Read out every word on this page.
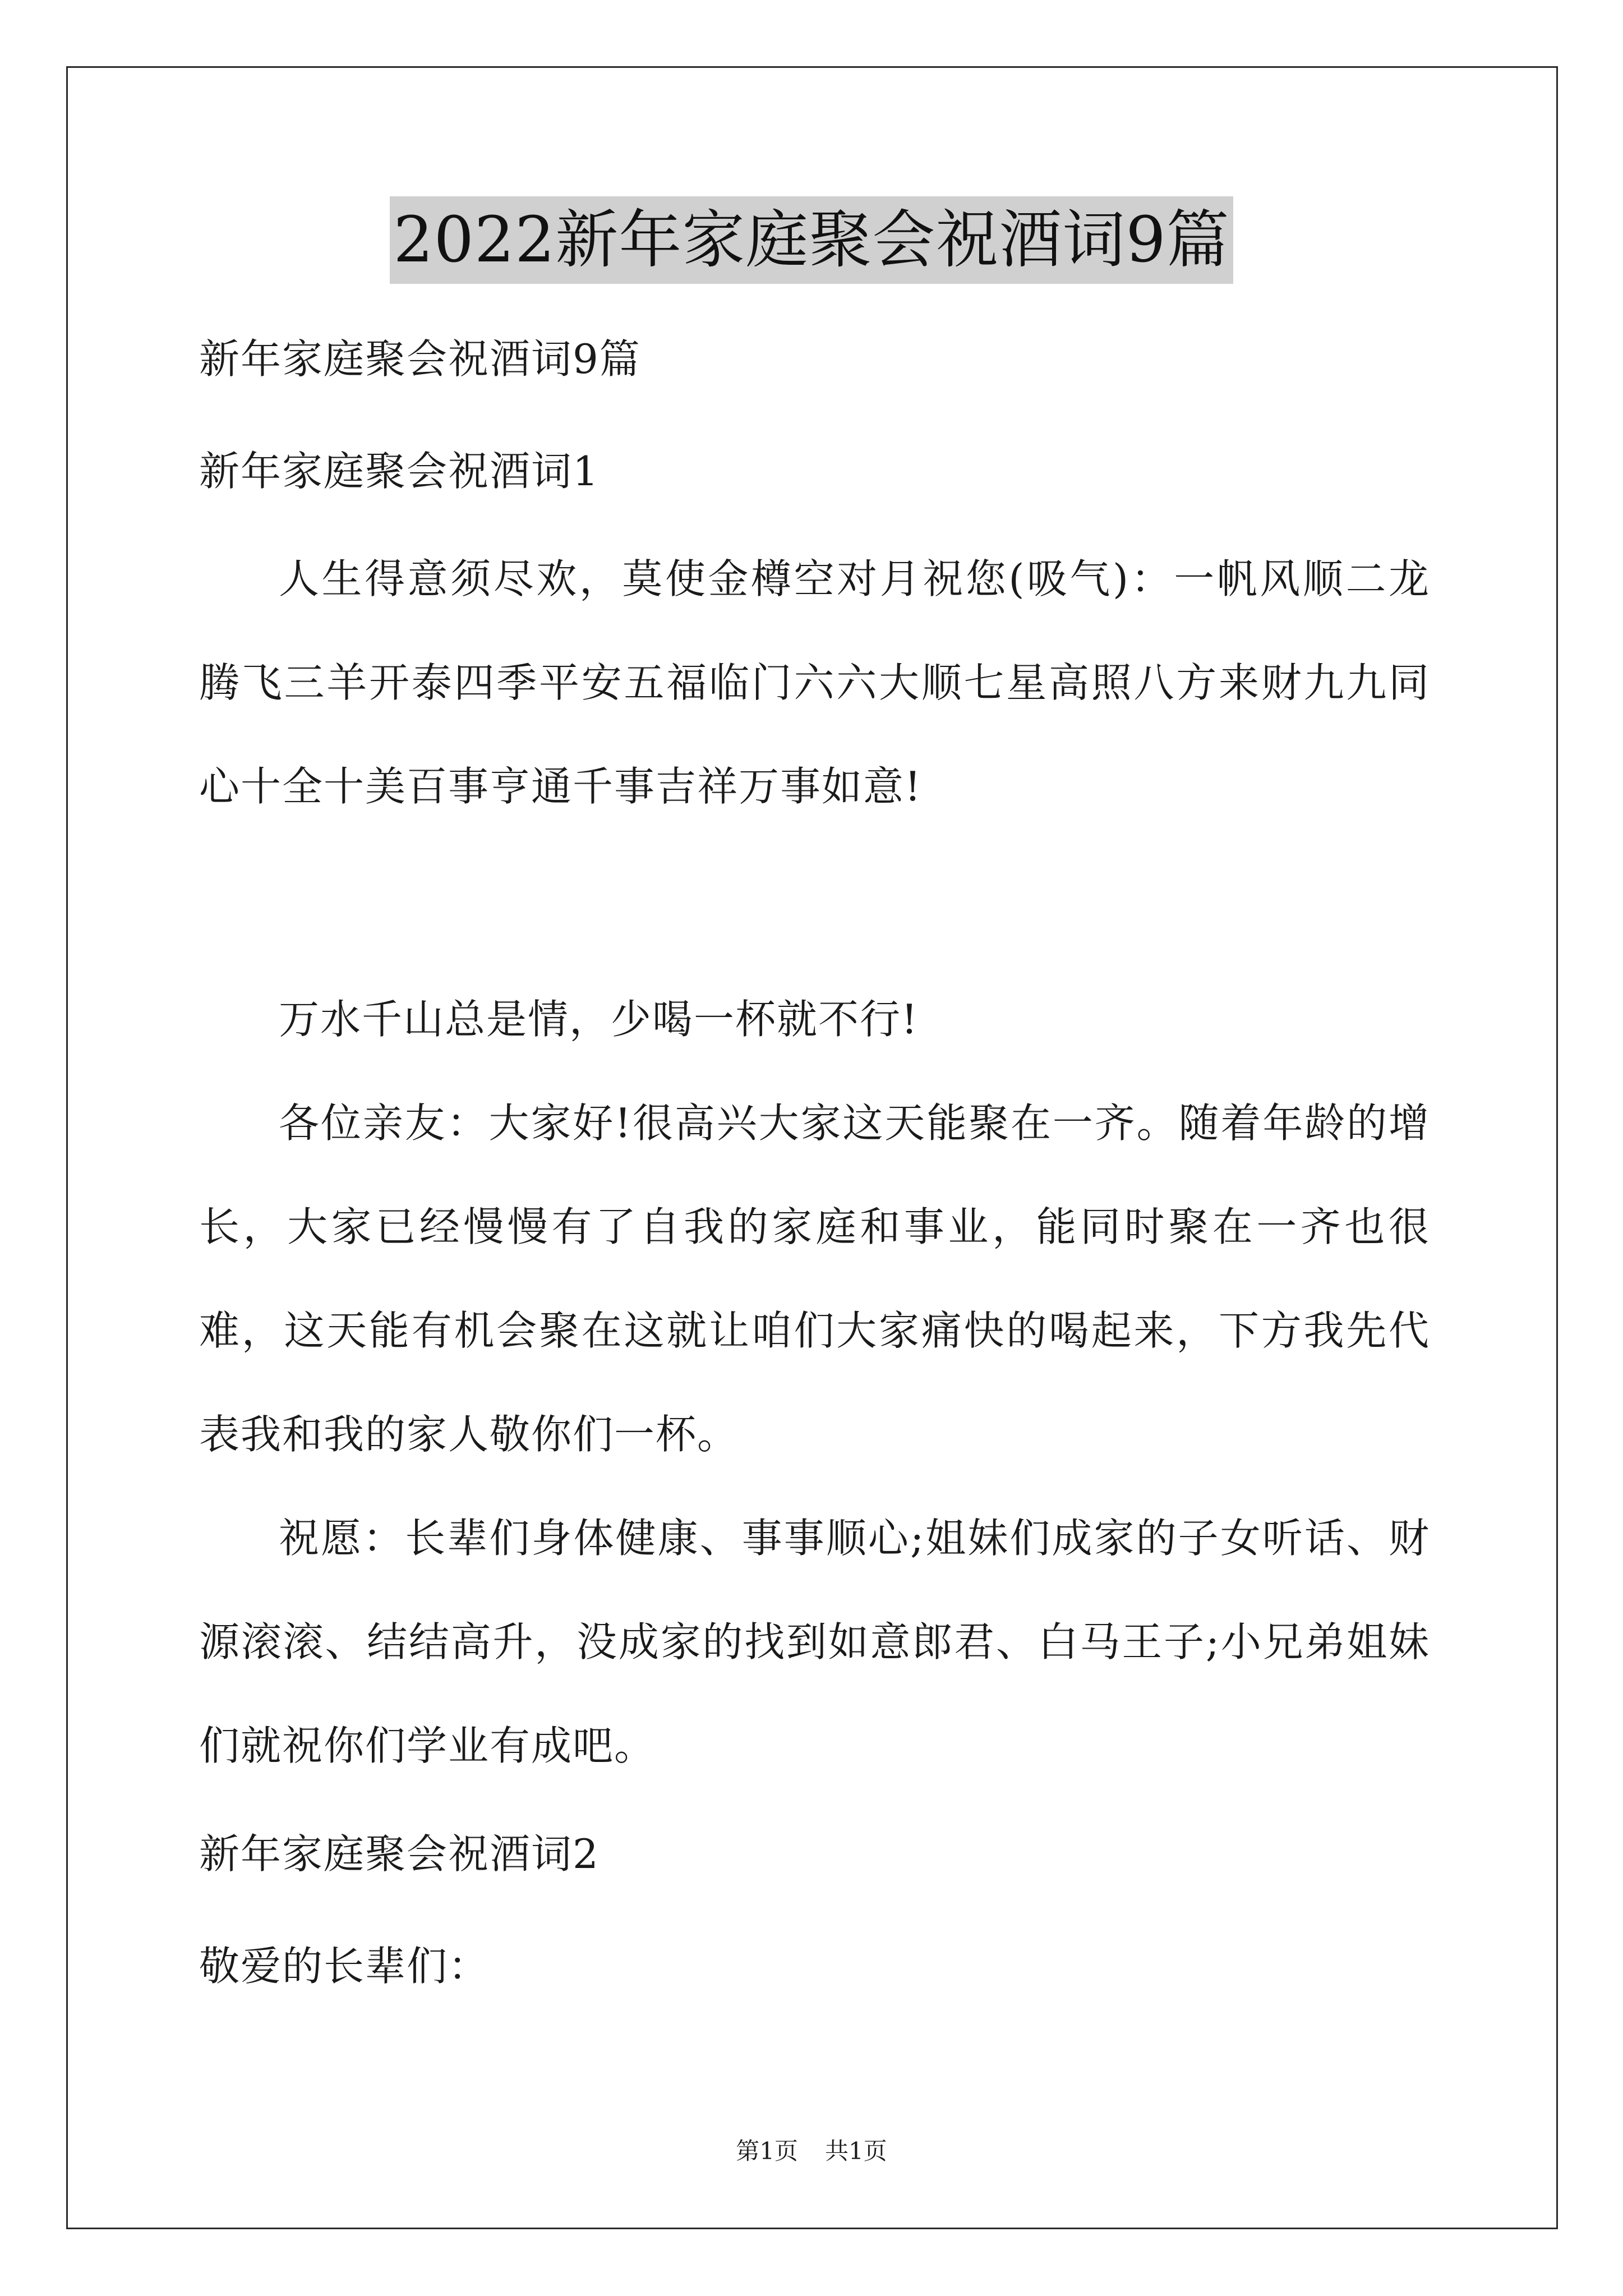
2022新年家庭聚会祝酒词9篇

新年家庭聚会祝酒词9篇

新年家庭聚会祝酒词1

人生得意须尽欢，莫使金樽空对月祝您(吸气)：一帆风顺二龙腾飞三羊开泰四季平安五福临门六六大顺七星高照八方来财九九同心十全十美百事亨通千事吉祥万事如意!

万水千山总是情，少喝一杯就不行!

各位亲友：大家好!很高兴大家这天能聚在一齐。随着年龄的增长，大家已经慢慢有了自我的家庭和事业，能同时聚在一齐也很难，这天能有机会聚在这就让咱们大家痛快的喝起来，下方我先代表我和我的家人敬你们一杯。

祝愿：长辈们身体健康、事事顺心;姐妹们成家的子女听话、财源滚滚、结结高升，没成家的找到如意郎君、白马王子;小兄弟姐妹们就祝你们学业有成吧。

新年家庭聚会祝酒词2

敬爱的长辈们：

第1页 共1页
